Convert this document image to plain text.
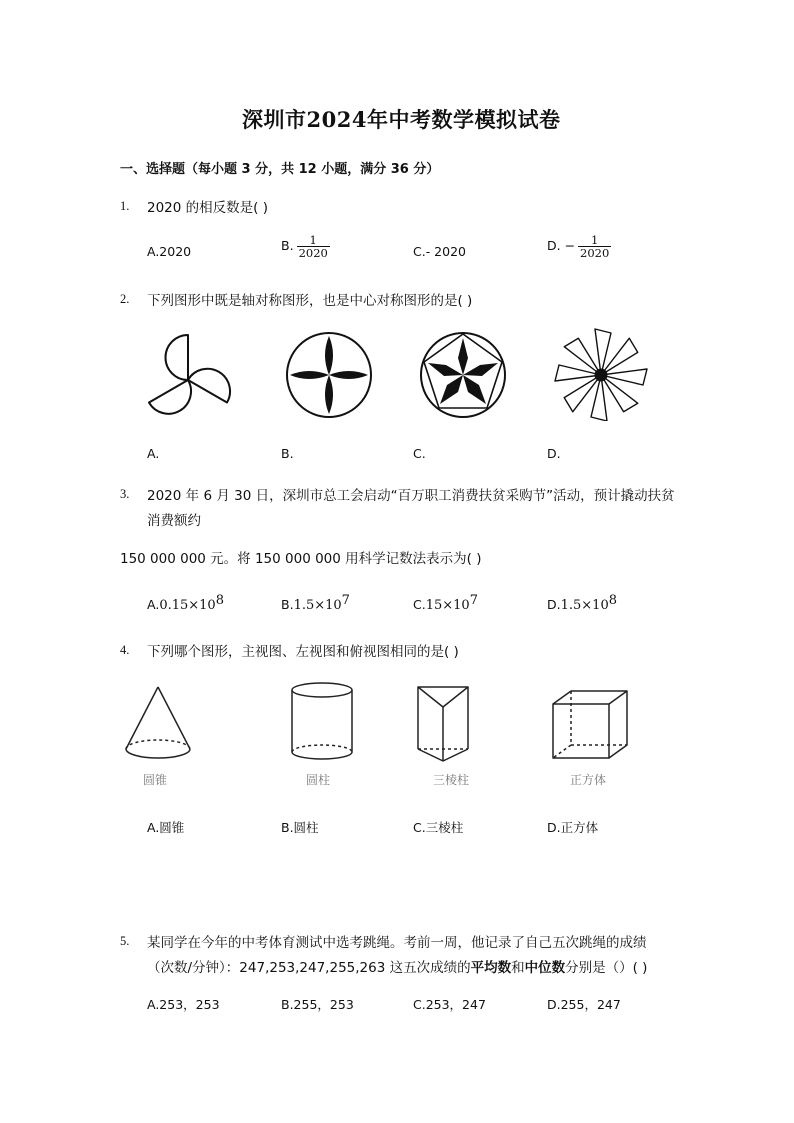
深圳市2024年中考数学模拟试卷
一、选择题（每小题 3 分，共 12 小题，满分 36 分）
1. 2020 的相反数是( )
A.2020	B. $\frac{1}{2020}$	C.- 2020	D. − $\frac{1}{2020}$
2. 下列图形中既是轴对称图形，也是中心对称图形的是( )
A.	B.	C.	D.
3. 2020 年 6 月 30 日，深圳市总工会启动“百万职工消费扶贫采购节”活动，预计撬动扶贫
消费额约
150 000 000 元。将 150 000 000 用科学记数法表示为( )
$A.0.15\times 10^8$	$B.1.5\times 10^7$	$C.15\times 10^7$	$D.1.5\times 10^8$
4. 下列哪个图形，主视图、左视图和俯视图相同的是( )
圆锥	圆柱	三棱柱	正方体
A.圆锥	B.圆柱	C.三棱柱	D.正方体
5. 某同学在今年的中考体育测试中选考跳绳。考前一周，他记录了自己五次跳绳的成绩
（次数/分钟）：247,253,247,255,263 这五次成绩的平均数和中位数分别是（）( )
A.253，253	B.255，253	C.253，247	D.255，247
